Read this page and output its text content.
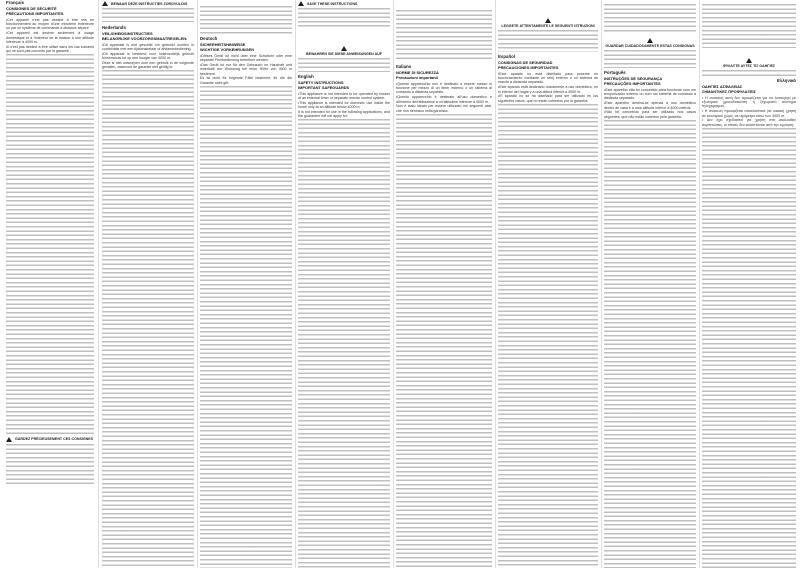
Français
CONSIGNES DE SÉCURITÉ
PRÉCAUTIONS IMPORTANTES

•Cet appareil n'est pas destiné à être mis en fonctionnement au moyen d'une minuterie extérieure ou par un système de commande à distance séparé.

•Cet appareil est destiné seulement à usage domestique et à l'intérieur de la maison à une altitude inférieure à 4000 m.

•Il n'est pas destiné à être utilisé dans les cas suivants qui ne sont pas couverts par la garantie :

GARDEZ PRÉCIEUSEMENT CES CONSIGNES
BEWAAR DEZE INSTRUCTIES ZORGVULDIG
Nederlands
VEILIGHEIDSINSTRUCTIES
BELANGRIJKE VOORZORGSMAATREGELEN:

•Dit apparaat is niet geschikt om gebruikt worden in combinatie met een tijdschakelaar of afstandsbediening.

•Dit apparaat is bestemd voor huishoudelijk gebruik binnenshuis tot op een hoogte van 4000 m.

Deze is niet ontworpen voor een gebruik in de volgende gevallen, waarvoor de garantie niet geldig is:

Deutsch
SICHERHEITSHINWEISE
WICHTIGE VORKEHRUNGEN

•Dieses Gerät ist nicht über eine Schaltuhr oder eine separate Fernbedienung betrieben werden.

•Das Gerät ist nur für den Gebrauch im Haushalt und innerhalb der Wohnung bei einer Höhe von 4000 m bestimmt.

Es ist nicht für folgende Fälle bestimmt, für die die Garantie nicht gilt:

SAVE THESE INSTRUCTIONS
BEWAHREN SIE DIESE ANWEISUNGEN AUF
English
SAFETY INSTRUCTIONS
IMPORTANT SAFEGUARDS

•This appliance is not intended to be operated by means of an external timer or separate remote control system.

•This appliance is intended for domestic use inside the home only at an altitude below 4000 m.

It is not intended for use in the following applications, and the guarantee will not apply for:

Italiano
NORME DI SICUREZZA
Precauzioni importanti

•Questo apparecchio non è destinato a essere messo in funzione per mezzo di un timer esterno o un sistema di comando a distanza separato.

•Questo apparecchio è destinato all'uso domestico e all'interno dell'abitazione a un'altitudine inferiore a 4000 m.

Non è stato ideato per essere utilizzato nei seguenti casi, che non rientrano nella garanzia:

LEGGETE ATTENTAMENTE LE SEGUENTI ISTRUZIONI
Español
CONSIGNAS DE SEGURIDAD
PRECAUCIONES IMPORTANTES

•Este aparato no está diseñado para ponerse en funcionamiento mediante un reloj externo o un sistema de mando a distancia separado.

•Este aparato está destinado únicamente a uso doméstico, en el interior del hogar y a una altitud inferior a 4000 m.

•El aparato no se ha diseñado para ser utilizado en los siguientes casos, que no están cubiertos por la garantía:

GUARDAR CUIDADOSAMENTE ESTAS CONSIGNAS
Português
INSTRUÇÕES DE SEGURANÇA
PRECAUÇÕES IMPORTANTES

•Este aparelho não foi concebido para funcionar com um temporizador externo ou com um sistema de comando à distância separado.

•Este aparelho destina-se apenas a uso doméstico dentro de casa e a uma altitude inferior a 4000 metros.

•Não foi concebido para ser utilizado nos casos seguintes, que não estão cobertos pela garantia:

ΦΥΛΑΞΤΕ ΑΥΤΕΣ ΤΙΣ ΟΔΗΓΙΕΣ
Ελληνικά
ΟΔΗΓΙΕΣ ΑΣΦΑΛΕΙΑΣ
ΣΗΜΑΝΤΙΚΕΣ ΠΡΟΦΥΛΑΞΕΙΣ

• Η συσκευή αυτή δεν προορίζεται για να λειτουργεί με εξωτερικό χρονοδιακόπτη ή ξεχωριστό σύστημα τηλεχειρισμού.

• Η συσκευή προορίζεται αποκλειστικά για οικιακή χρήση σε εσωτερικό χώρο, σε υψόμετρο κάτω των 4000 m.

• Δεν έχει σχεδιαστεί για χρήση στις ακόλουθες περιπτώσεις, οι οποίες δεν καλύπτονται από την εγγύηση:
